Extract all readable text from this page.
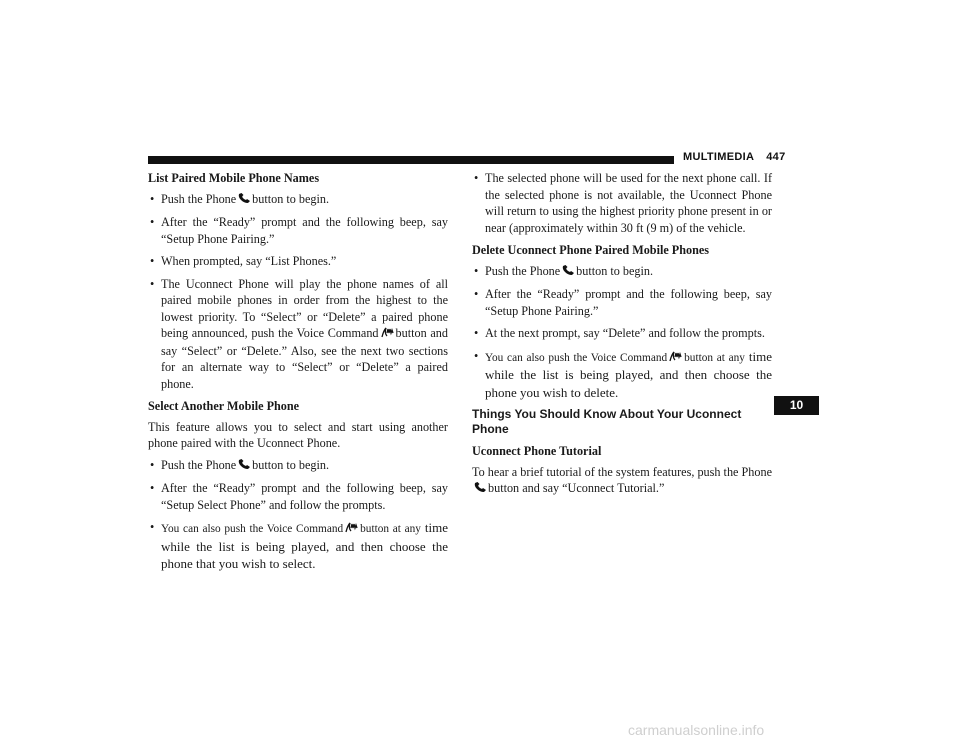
MULTIMEDIA 447
List Paired Mobile Phone Names
• Push the Phone button to begin.
• After the “Ready” prompt and the following beep, say “Setup Phone Pairing.”
• When prompted, say “List Phones.”
• The Uconnect Phone will play the phone names of all paired mobile phones in order from the highest to the lowest priority. To “Select” or “Delete” a paired phone being announced, push the Voice Command button and say “Select” or “Delete.” Also, see the next two sections for an alternate way to “Select” or “Delete” a paired phone.
Select Another Mobile Phone

This feature allows you to select and start using another phone paired with the Uconnect Phone.

• Push the Phone button to begin.
• After the “Ready” prompt and the following beep, say “Setup Select Phone” and follow the prompts.
• You can also push the Voice Command button at any time while the list is being played, and then choose the phone that you wish to select.
• The selected phone will be used for the next phone call. If the selected phone is not available, the Uconnect Phone will return to using the highest priority phone present in or near (approximately within 30 ft (9 m) of the vehicle.
Delete Uconnect Phone Paired Mobile Phones
• Push the Phone button to begin.
• After the “Ready” prompt and the following beep, say “Setup Phone Pairing.”
• At the next prompt, say “Delete” and follow the prompts.
• You can also push the Voice Command button at any time while the list is being played, and then choose the phone you wish to delete.
Things You Should Know About Your Uconnect Phone
Uconnect Phone Tutorial

To hear a brief tutorial of the system features, push the Phonebutton and say “Uconnect Tutorial.”

10
carmanualsonline.info
